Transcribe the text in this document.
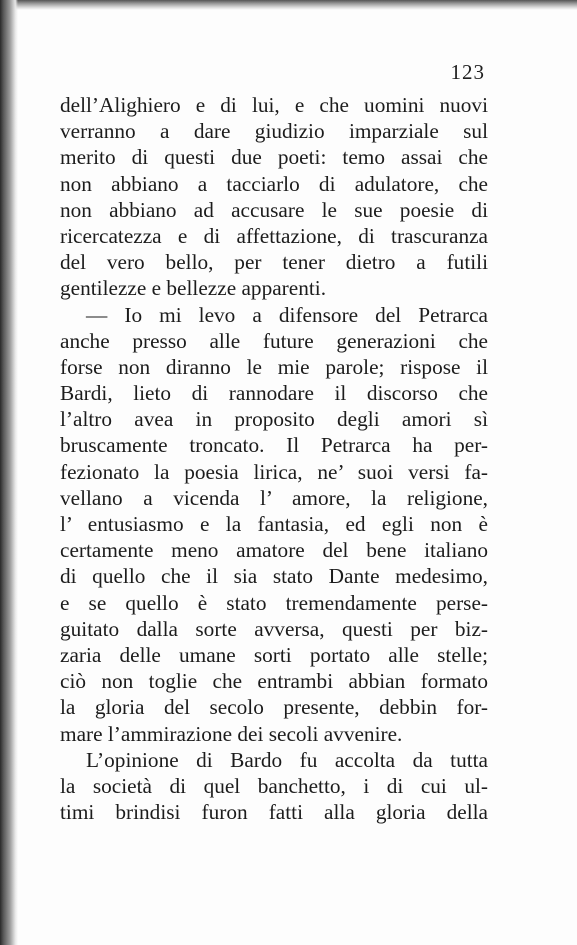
123
dell’Alighiero e di lui, e che uomini nuovi
verranno a dare giudizio imparziale sul
merito di questi due poeti: temo assai che
non abbiano a tacciarlo di adulatore, che
non abbiano ad accusare le sue poesie di
ricercatezza e di affettazione, di trascuranza
del vero bello, per tener dietro a futili
gentilezze e bellezze apparenti.
— Io mi levo a difensore del Petrarca
anche presso alle future generazioni che
forse non diranno le mie parole; rispose il
Bardi, lieto di rannodare il discorso che
l’altro avea in proposito degli amori sì
bruscamente troncato. Il Petrarca ha per-
fezionato la poesia lirica, ne’ suoi versi fa-
vellano a vicenda l’ amore, la religione,
l’ entusiasmo e la fantasia, ed egli non è
certamente meno amatore del bene italiano
di quello che il sia stato Dante medesimo,
e se quello è stato tremendamente perse-
guitato dalla sorte avversa, questi per biz-
zaria delle umane sorti portato alle stelle;
ciò non toglie che entrambi abbian formato
la gloria del secolo presente, debbin for-
mare l’ammirazione dei secoli avvenire.
L’opinione di Bardo fu accolta da tutta
la società di quel banchetto, i di cui ul-
timi brindisi furon fatti alla gloria della
